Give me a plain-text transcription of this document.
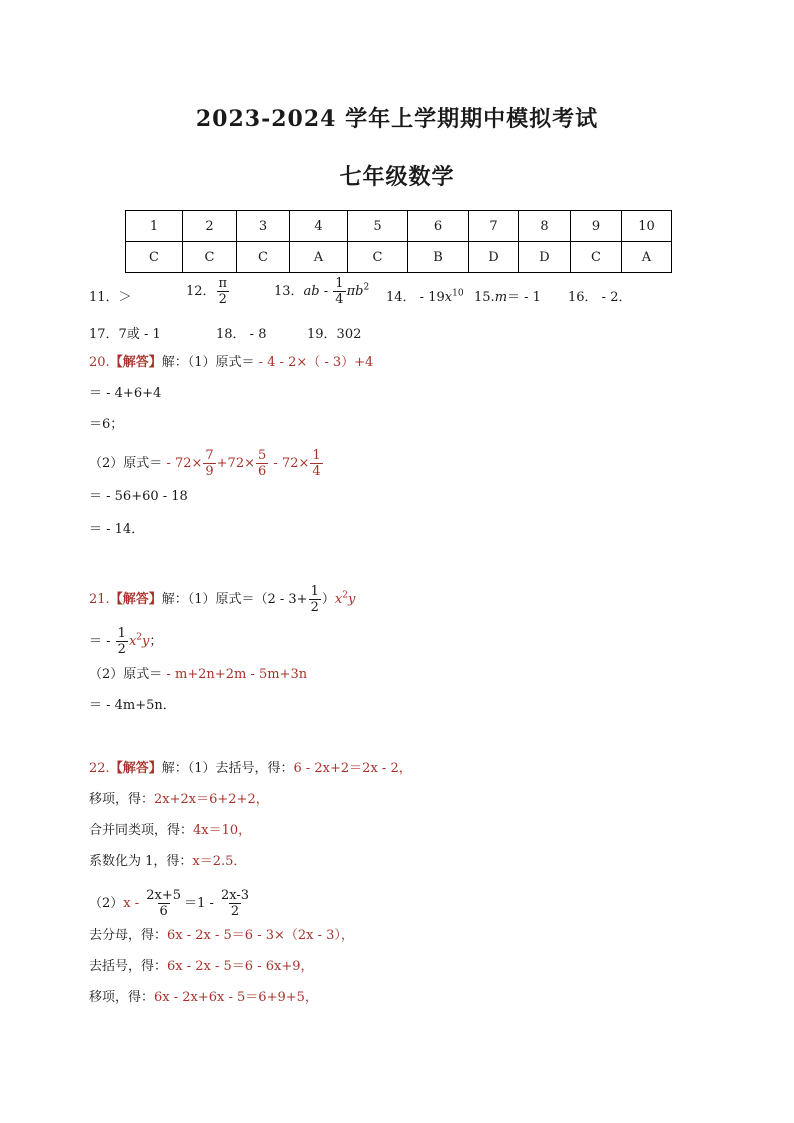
2023-2024 学年上学期期中模拟考试
七年级数学
1	2	3	4	5	6	7	8	9	10
C	C	C	A	C	B	D	D	C	A
11．＞	12． $\frac{\pi}{2}$	13．ab - $\frac{1}{4} \pi b^2$
14． - $19x^{10}$ 15.m＝ - 1 16． - 2．
17．7或 - 1	18． - 8	19．302
20.【解答】解：（1）原式＝ - 4 - 2×（ - 3）+4
＝ - 4+6+4
＝6；
（2）原式＝ - $72\times \frac{7}{9} +72\times \frac{5}{6} - 72\times \frac{1}{4}$
＝ - 56+60 - 18
＝ - 14．
21.【解答】解：（1）原式$=(2 - 3+ \frac{1}{2} )x^2y$
＝ - $\frac{1}{2} x^2y$；
（2）原式＝ - m+2n+2m - 5m+3n
＝ - 4m+5n．
22.【解答】解：（1）去括号，得：6 - 2x+2＝2x - 2，
移项，得：2x+2x＝6+2+2，
合并同类项，得：4x＝10，
系数化为 1，得：x＝2.5．
$(2)x - \frac{2x+5}{6} =1 - \frac{2x-3}{2}$
去分母，得：6x - 2x - 5＝6 - 3×（2x - 3），
去括号，得：6x - 2x - 5＝6 - 6x+9，
移项，得：6x - 2x+6x - 5＝6+9+5，
